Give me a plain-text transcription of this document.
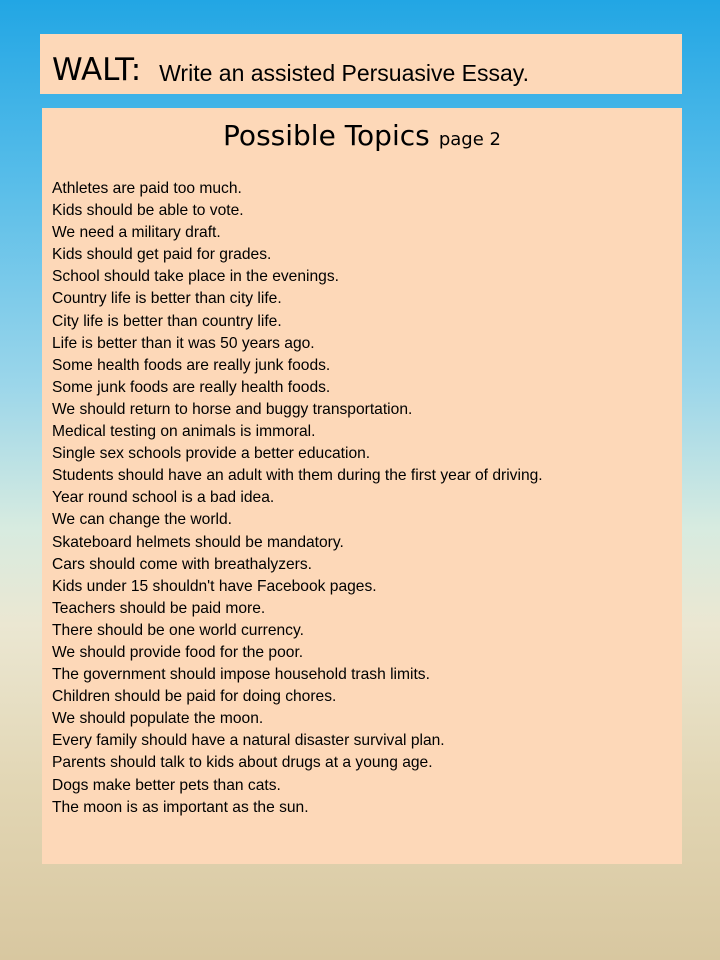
WALT: Write an assisted Persuasive Essay.
Possible Topics page 2
Athletes are paid too much.
Kids should be able to vote.
We need a military draft.
Kids should get paid for grades.
School should take place in the evenings.
Country life is better than city life.
City life is better than country life.
Life is better than it was 50 years ago.
Some health foods are really junk foods.
Some junk foods are really health foods.
We should return to horse and buggy transportation.
Medical testing on animals is immoral.
Single sex schools provide a better education.
Students should have an adult with them during the first year of driving.
Year round school is a bad idea.
We can change the world.
Skateboard helmets should be mandatory.
Cars should come with breathalyzers.
Kids under 15 shouldn't have Facebook pages.
Teachers should be paid more.
There should be one world currency.
We should provide food for the poor.
The government should impose household trash limits.
Children should be paid for doing chores.
We should populate the moon.
Every family should have a natural disaster survival plan.
Parents should talk to kids about drugs at a young age.
Dogs make better pets than cats.
The moon is as important as the sun.
